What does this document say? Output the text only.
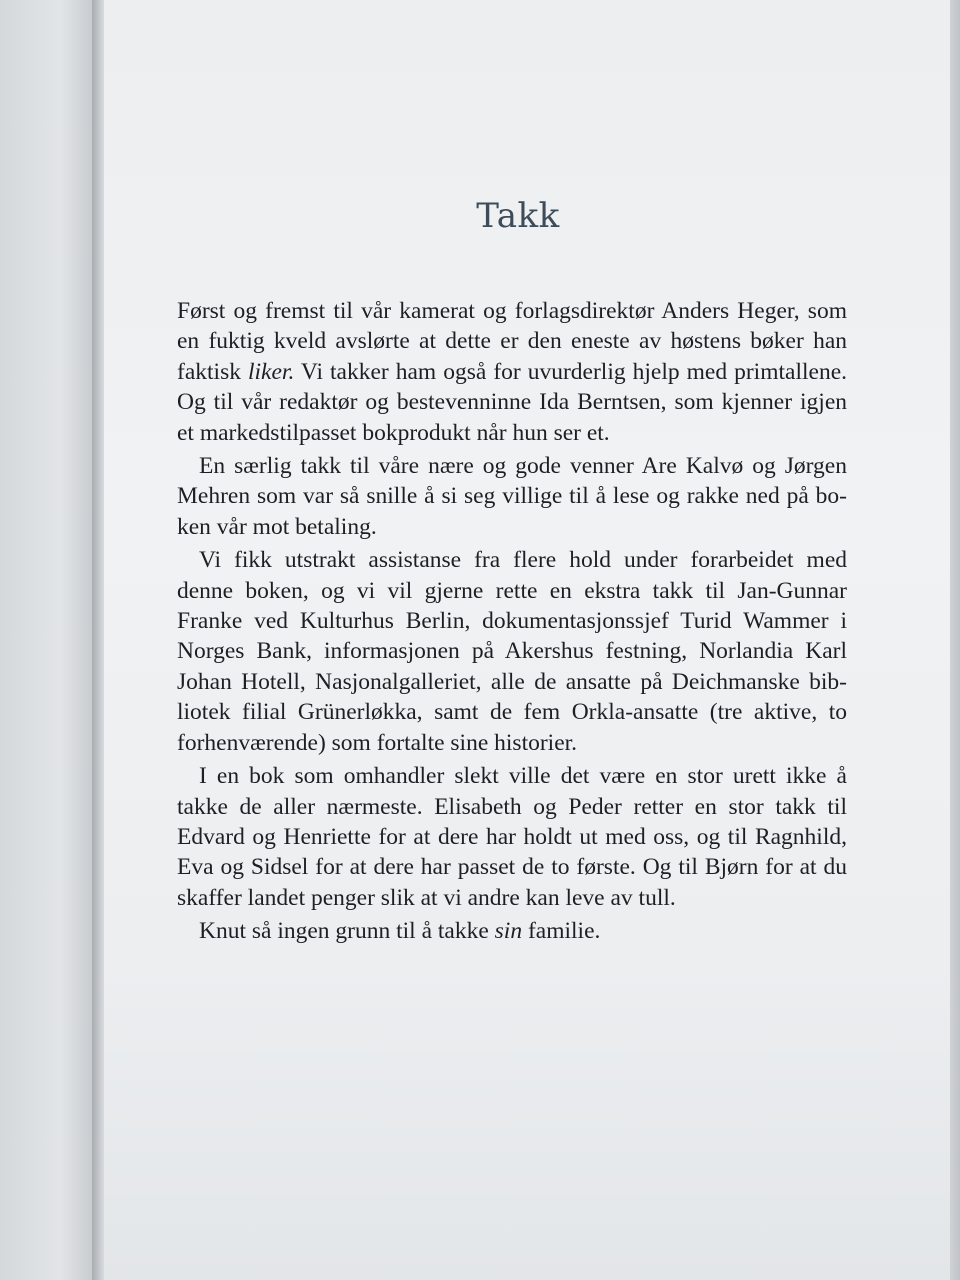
Takk
Først og fremst til vår kamerat og forlagsdirektør Anders Heger, som
en fuktig kveld avslørte at dette er den eneste av høstens bøker han
faktisk liker. Vi takker ham også for uvurderlig hjelp med primtallene.
Og til vår redaktør og bestevenninne Ida Berntsen, som kjenner igjen
et markedstilpasset bokprodukt når hun ser et.
En særlig takk til våre nære og gode venner Are Kalvø og Jørgen
Mehren som var så snille å si seg villige til å lese og rakke ned på bo-
ken vår mot betaling.
Vi fikk utstrakt assistanse fra flere hold under forarbeidet med
denne boken, og vi vil gjerne rette en ekstra takk til Jan-Gunnar
Franke ved Kulturhus Berlin, dokumentasjonssjef Turid Wammer i
Norges Bank, informasjonen på Akershus festning, Norlandia Karl
Johan Hotell, Nasjonalgalleriet, alle de ansatte på Deichmanske bib-
liotek filial Grünerløkka, samt de fem Orkla-ansatte (tre aktive, to
forhenværende) som fortalte sine historier.
I en bok som omhandler slekt ville det være en stor urett ikke å
takke de aller nærmeste. Elisabeth og Peder retter en stor takk til
Edvard og Henriette for at dere har holdt ut med oss, og til Ragnhild,
Eva og Sidsel for at dere har passet de to første. Og til Bjørn for at du
skaffer landet penger slik at vi andre kan leve av tull.
Knut så ingen grunn til å takke sin familie.
